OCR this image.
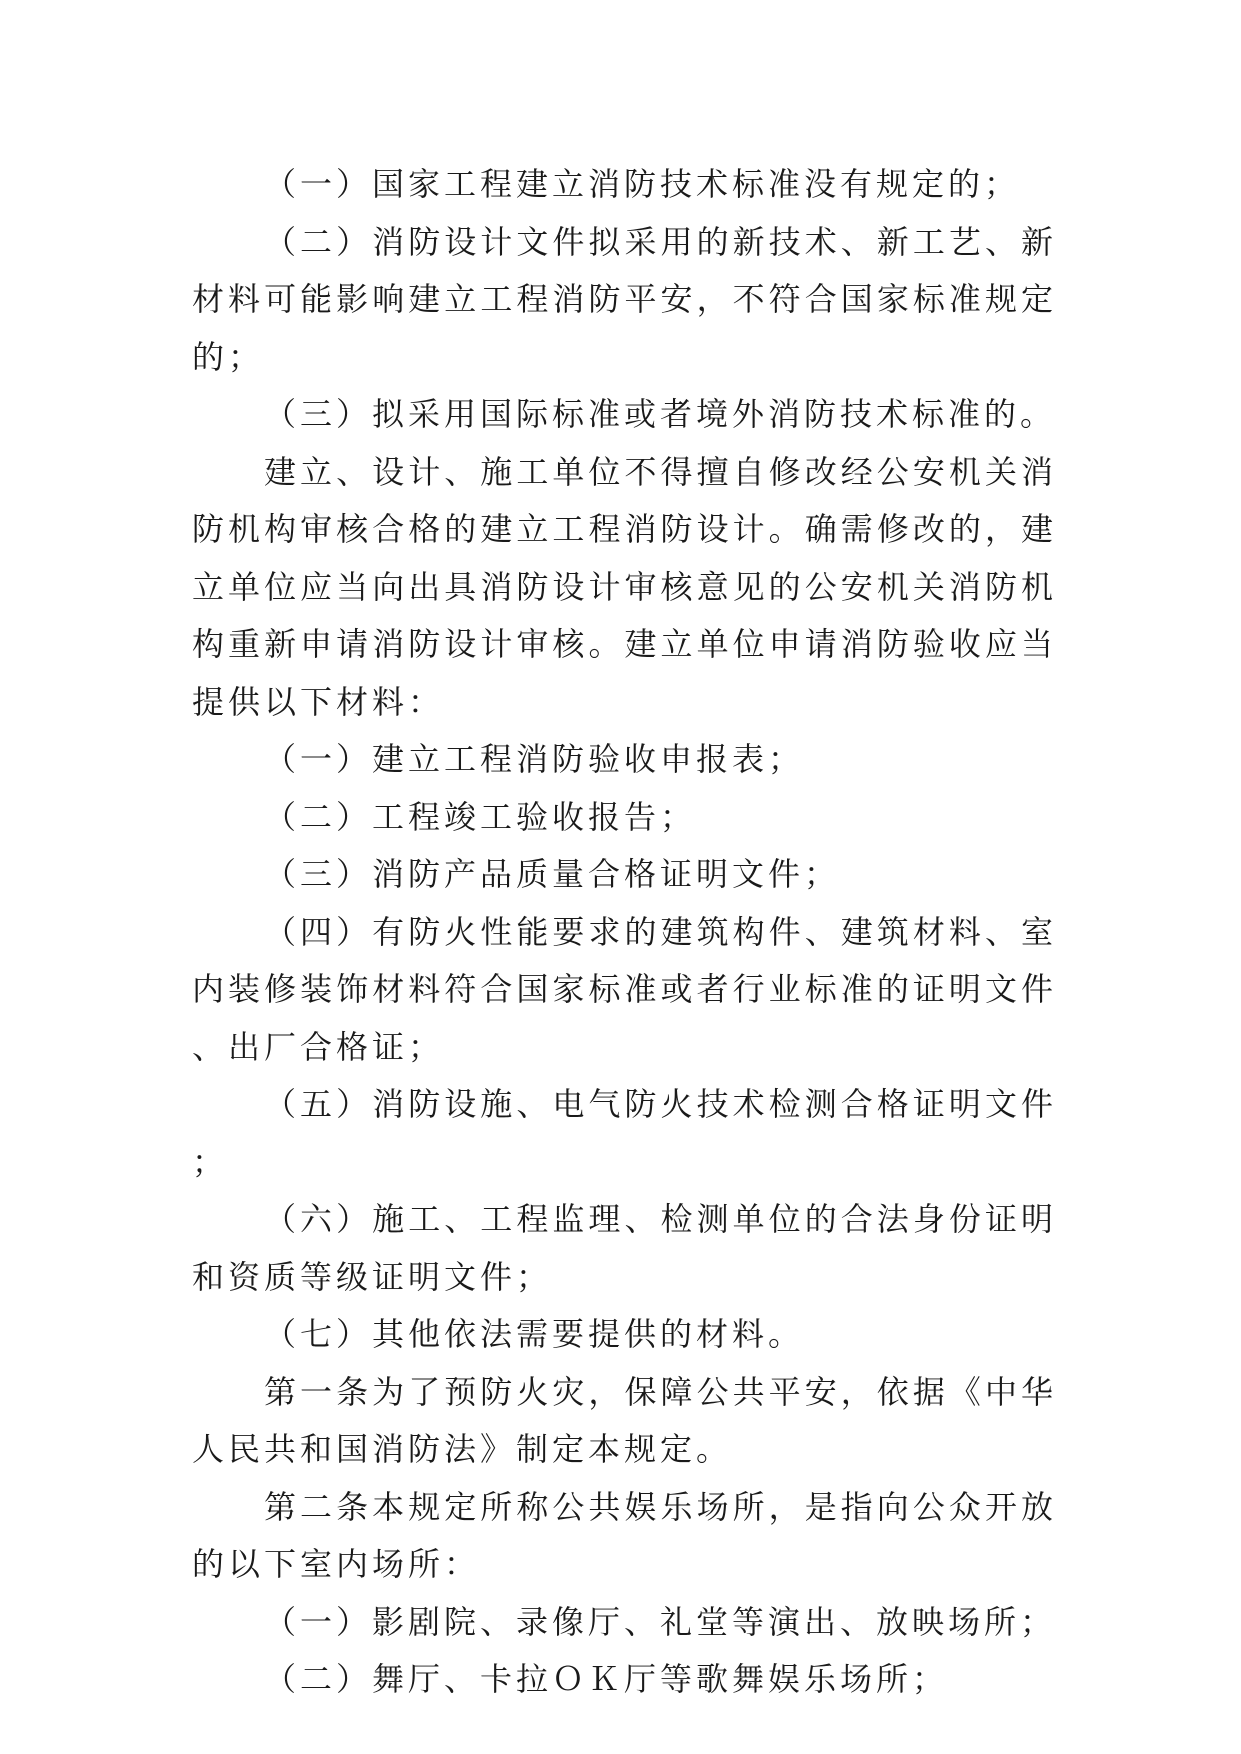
（一）国家工程建立消防技术标准没有规定的；

（二）消防设计文件拟采用的新技术、新工艺、新材料可能影响建立工程消防平安，不符合国家标准规定的；

（三）拟采用国际标准或者境外消防技术标准的。

建立、设计、施工单位不得擅自修改经公安机关消防机构审核合格的建立工程消防设计。确需修改的，建立单位应当向出具消防设计审核意见的公安机关消防机构重新申请消防设计审核。建立单位申请消防验收应当提供以下材料：

（一）建立工程消防验收申报表；

（二）工程竣工验收报告；

（三）消防产品质量合格证明文件；

（四）有防火性能要求的建筑构件、建筑材料、室内装修装饰材料符合国家标准或者行业标准的证明文件、出厂合格证；

（五）消防设施、电气防火技术检测合格证明文件；

（六）施工、工程监理、检测单位的合法身份证明和资质等级证明文件；

（七）其他依法需要提供的材料。

第一条为了预防火灾，保障公共平安，依据《中华人民共和国消防法》制定本规定。

第二条本规定所称公共娱乐场所，是指向公众开放的以下室内场所：

（一）影剧院、录像厅、礼堂等演出、放映场所；

（二）舞厅、卡拉ＯＫ厅等歌舞娱乐场所；
